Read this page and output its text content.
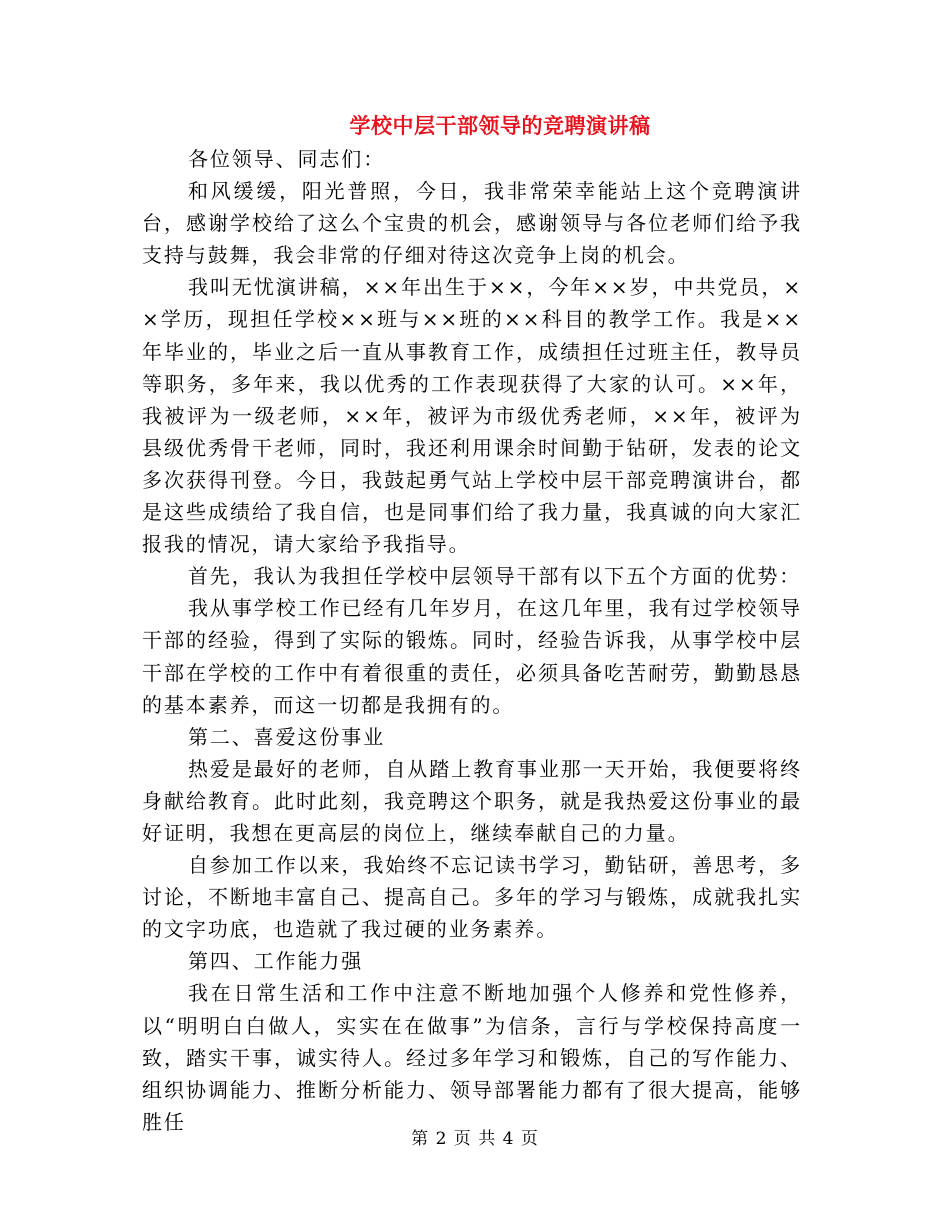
学校中层干部领导的竞聘演讲稿

各位领导、同志们：

和风缓缓，阳光普照，今日，我非常荣幸能站上这个竞聘演讲台，感谢学校给了这么个宝贵的机会，感谢领导与各位老师们给予我支持与鼓舞，我会非常的仔细对待这次竞争上岗的机会。

我叫无忧演讲稿，××年出生于××，今年××岁，中共党员，××学历，现担任学校××班与××班的××科目的教学工作。我是××年毕业的，毕业之后一直从事教育工作，成绩担任过班主任，教导员等职务，多年来，我以优秀的工作表现获得了大家的认可。××年，我被评为一级老师，××年，被评为市级优秀老师，××年，被评为县级优秀骨干老师，同时，我还利用课余时间勤于钻研，发表的论文多次获得刊登。今日，我鼓起勇气站上学校中层干部竞聘演讲台，都是这些成绩给了我自信，也是同事们给了我力量，我真诚的向大家汇报我的情况，请大家给予我指导。

首先，我认为我担任学校中层领导干部有以下五个方面的优势：

我从事学校工作已经有几年岁月，在这几年里，我有过学校领导干部的经验，得到了实际的锻炼。同时，经验告诉我，从事学校中层干部在学校的工作中有着很重的责任，必须具备吃苦耐劳，勤勤恳恳的基本素养，而这一切都是我拥有的。

第二、喜爱这份事业

热爱是最好的老师，自从踏上教育事业那一天开始，我便要将终身献给教育。此时此刻，我竞聘这个职务，就是我热爱这份事业的最好证明，我想在更高层的岗位上，继续奉献自己的力量。

自参加工作以来，我始终不忘记读书学习，勤钻研，善思考，多讨论，不断地丰富自己、提高自己。多年的学习与锻炼，成就我扎实的文字功底，也造就了我过硬的业务素养。

第四、工作能力强

我在日常生活和工作中注意不断地加强个人修养和党性修养，以“明明白白做人，实实在在做事”为信条，言行与学校保持高度一致，踏实干事，诚实待人。经过多年学习和锻炼，自己的写作能力、组织协调能力、推断分析能力、领导部署能力都有了很大提高，能够胜任

第 2 页 共 4 页
